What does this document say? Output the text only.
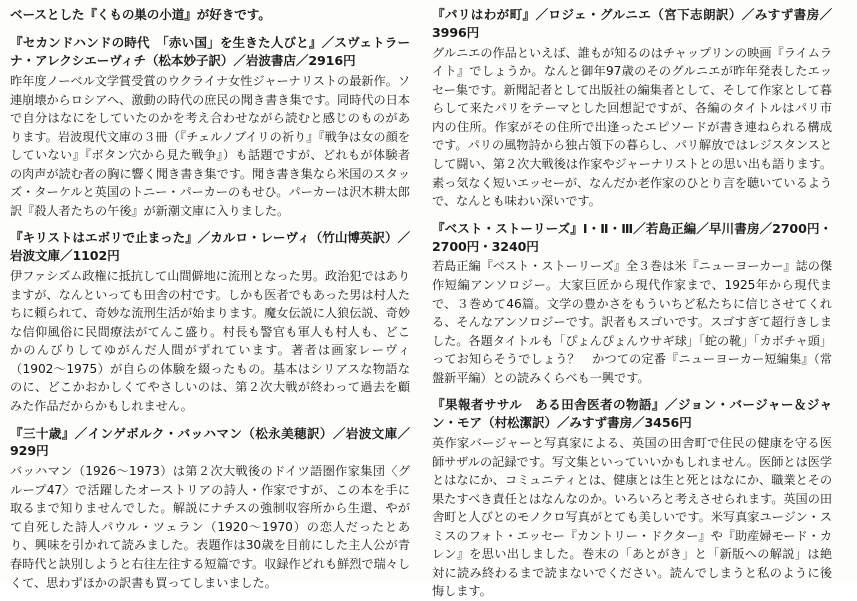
ベースとした『くもの巣の小道』が好きです。
『セカンドハンドの時代　「赤い国」を生きた人びと』／スヴェトラーナ・アレクシエーヴィチ（松本妙子訳）／岩波書店／2916円
昨年度ノーベル文学賞受賞のウクライナ女性ジャーナリストの最新作。ソ連崩壊からロシアへ、激動の時代の庶民の聞き書き集です。同時代の日本で自分はなにをしていたのかを考え合わせながら読むと感じのものがあります。岩波現代文庫の３冊（『チェルノブイリの祈り』『戦争は女の顔をしていない』『ボタン穴から見た戦争』）も話題ですが、どれもが体験者の肉声が読む者の胸に響く聞き書き集です。聞き書き集なら米国のスタッズ・ターケルと英国のトニー・パーカーのもせひ。パーカーは沢木耕太郎訳『殺人者たちの午後』が新潮文庫に入りました。
『キリストはエボリで止まった』／カルロ・レーヴィ（竹山博英訳）／岩波文庫／1102円
伊ファシズム政権に抵抗して山間僻地に流刑となった男。政治犯ではありますが、なんといっても田舎の村です。しかも医者でもあった男は村人たちに頼られて、奇妙な流刑生活が始まります。魔女伝説に人狼伝説、奇妙な信仰風俗に民間療法がてんこ盛り。村長も警官も軍人も村人も、どこかのんびりしてゆがんだ人間がずれています。著者は画家レーヴィ（1902〜1975）が自らの体験を綴ったもの。基本はシリアスな物語なのに、どこかおかしくてやさしいのは、第２次大戦が終わって過去を顧みた作品だからかもしれません。
『三十歳』／インゲボルク・バッハマン（松永美穂訳）／岩波文庫／929円
バッハマン（1926〜1973）は第２次大戦後のドイツ語圏作家集団〈グループ47〉で活躍したオーストリアの詩人・作家ですが、この本を手に取るまで知りませんでした。解説にナチスの強制収容所から生還、やがて自死した詩人パウル・ツェラン（1920〜1970）の恋人だったとあり、興味を引かれて読みました。表題作は30歳を目前にした主人公が青春時代と訣別しようと右往左往する短篇です。収録作どれも鮮烈で瑞々しくて、思わずほかの訳書も買ってしまいました。
『パリはわが町』／ロジェ・グルニエ（宮下志朗訳）／みすず書房／3996円
グルニエの作品といえば、誰もが知るのはチャップリンの映画『ライムライト』でしょうか。なんと御年97歳のそのグルニエが昨年発表したエッセー集です。新聞記者として出版社の編集者として、そして作家として暮らして来たパリをテーマとした回想記ですが、各編のタイトルはパリ市内の住所。作家がその住所で出逢ったエピソードが書き連ねられる構成です。パリの風物詩から独占領下の暮らし、パリ解放ではレジスタンスとして闘い、第２次大戦後は作家やジャーナリストとの思い出も語ります。素っ気なく短いエッセーが、なんだか老作家のひとり言を聴いているようで、なんとも味わい深いです。
『ベスト・ストーリーズ』Ⅰ・Ⅱ・Ⅲ／若島正編／早川書房／2700円・2700円・3240円
若島正編『ベスト・ストーリーズ』全３巻は米『ニューヨーカー』誌の傑作短編アンソロジー。大家巨匠から現代作家まで、1925年から現代まで、３巻めて46篇。文学の豊かさをもういちど私たちに信じさせてくれる、そんなアンソロジーです。訳者もスゴいです。スゴすぎて超行きしました。各題タイトルも「ぴょんぴょんウサギ球」「蛇の靴」「カボチャ頭」ってお知らそうでしょう？　かつての定番『ニューヨーカー短編集』（常盤新平編）との読みくらべも一興です。
『果報者ササル　ある田舎医者の物語』／ジョン・バージャー＆ジャン・モア（村松潔訳）／みすず書房／3456円
英作家バージャーと写真家による、英国の田舎町で住民の健康を守る医師サザルの記録です。写文集といっていいかもしれません。医師とは医学とはなにか、コミュニティとは、健康とは生と死とはなにか、職業とその果たすべき責任とはなんなのか。いろいろと考えさせられます。英国の田舎町と人びとのモノクロ写真がとても美しいです。米写真家ユージン・スミスのフォト・エッセー『カントリー・ドクター』や『助産婦モード・カレン』を思い出しました。巻末の「あとがき」と「新版への解説」は絶対に読み終わるまで読まないでください。読んでしまうと私のように後悔します。
